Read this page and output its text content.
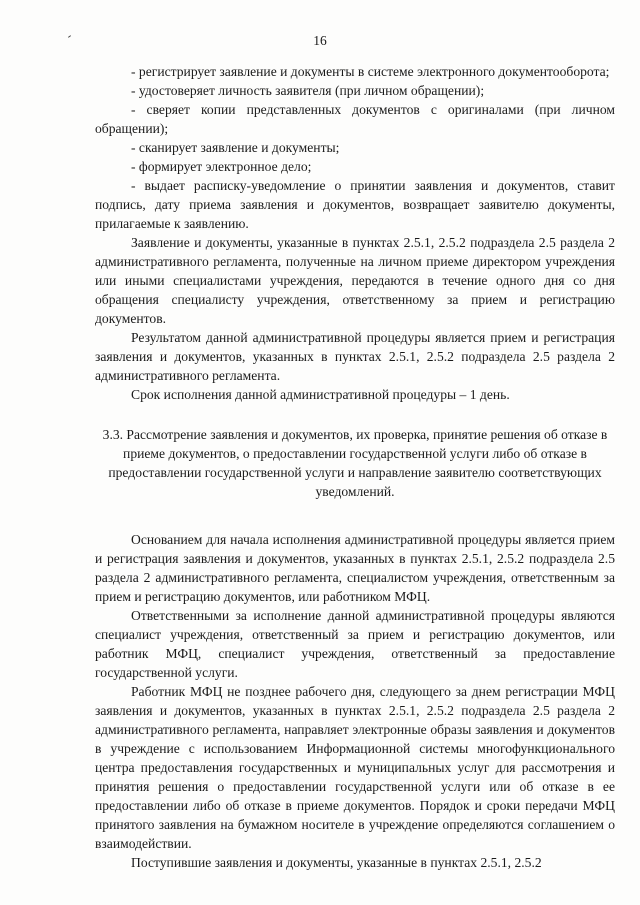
16

- регистрирует заявление и документы в системе электронного документооборота;

- удостоверяет личность заявителя (при личном обращении);

- сверяет копии представленных документов с оригиналами (при личном обращении);

- сканирует заявление и документы;

- формирует электронное дело;

- выдает расписку-уведомление о принятии заявления и документов, ставит подпись, дату приема заявления и документов, возвращает заявителю документы, прилагаемые к заявлению.

Заявление и документы, указанные в пунктах 2.5.1, 2.5.2 подраздела 2.5 раздела 2 административного регламента, полученные на личном приеме директором учреждения или иными специалистами учреждения, передаются в течение одного дня со дня обращения специалисту учреждения, ответственному за прием и регистрацию документов.

Результатом данной административной процедуры является прием и регистрация заявления и документов, указанных в пунктах 2.5.1, 2.5.2 подраздела 2.5 раздела 2 административного регламента.

Срок исполнения данной административной процедуры – 1 день.

3.3. Рассмотрение заявления и документов, их проверка, принятие решения об отказе в приеме документов, о предоставлении государственной услуги либо об отказе в предоставлении государственной услуги и направление заявителю соответствующих уведомлений.

Основанием для начала исполнения административной процедуры является прием и регистрация заявления и документов, указанных в пунктах 2.5.1, 2.5.2 подраздела 2.5 раздела 2 административного регламента, специалистом учреждения, ответственным за прием и регистрацию документов, или работником МФЦ.

Ответственными за исполнение данной административной процедуры являются специалист учреждения, ответственный за прием и регистрацию документов, или работник МФЦ, специалист учреждения, ответственный за предоставление государственной услуги.

Работник МФЦ не позднее рабочего дня, следующего за днем регистрации МФЦ заявления и документов, указанных в пунктах 2.5.1, 2.5.2 подраздела 2.5 раздела 2 административного регламента, направляет электронные образы заявления и документов в учреждение с использованием Информационной системы многофункционального центра предоставления государственных и муниципальных услуг для рассмотрения и принятия решения о предоставлении государственной услуги или об отказе в ее предоставлении либо об отказе в приеме документов. Порядок и сроки передачи МФЦ принятого заявления на бумажном носителе в учреждение определяются соглашением о взаимодействии.

Поступившие заявления и документы, указанные в пунктах 2.5.1, 2.5.2
